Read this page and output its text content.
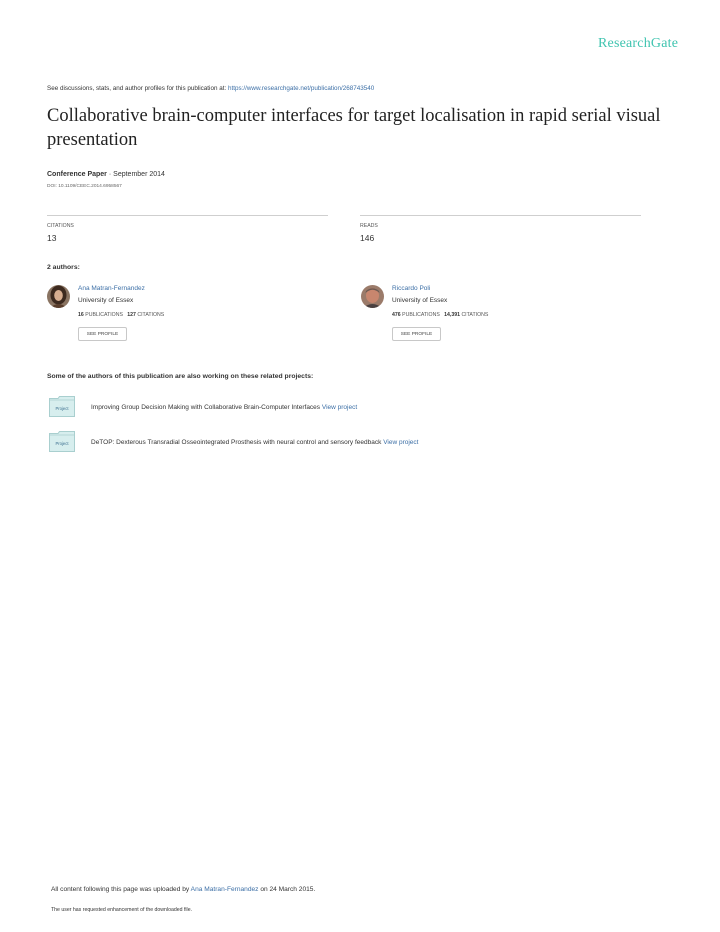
ResearchGate
See discussions, stats, and author profiles for this publication at: https://www.researchgate.net/publication/268743540
Collaborative brain-computer interfaces for target localisation in rapid serial visual presentation
Conference Paper · September 2014
DOI: 10.1109/CEEC.2014.6958567
CITATIONS
13
READS
146
2 authors:
Ana Matran-Fernandez
University of Essex
16 PUBLICATIONS 127 CITATIONS
SEE PROFILE
Riccardo Poli
University of Essex
476 PUBLICATIONS 14,391 CITATIONS
SEE PROFILE
Some of the authors of this publication are also working on these related projects:
Project	Improving Group Decision Making with Collaborative Brain-Computer Interfaces View project
Project	DeTOP: Dexterous Transradial Osseointegrated Prosthesis with neural control and sensory feedback View project
All content following this page was uploaded by Ana Matran-Fernandez on 24 March 2015.
The user has requested enhancement of the downloaded file.
